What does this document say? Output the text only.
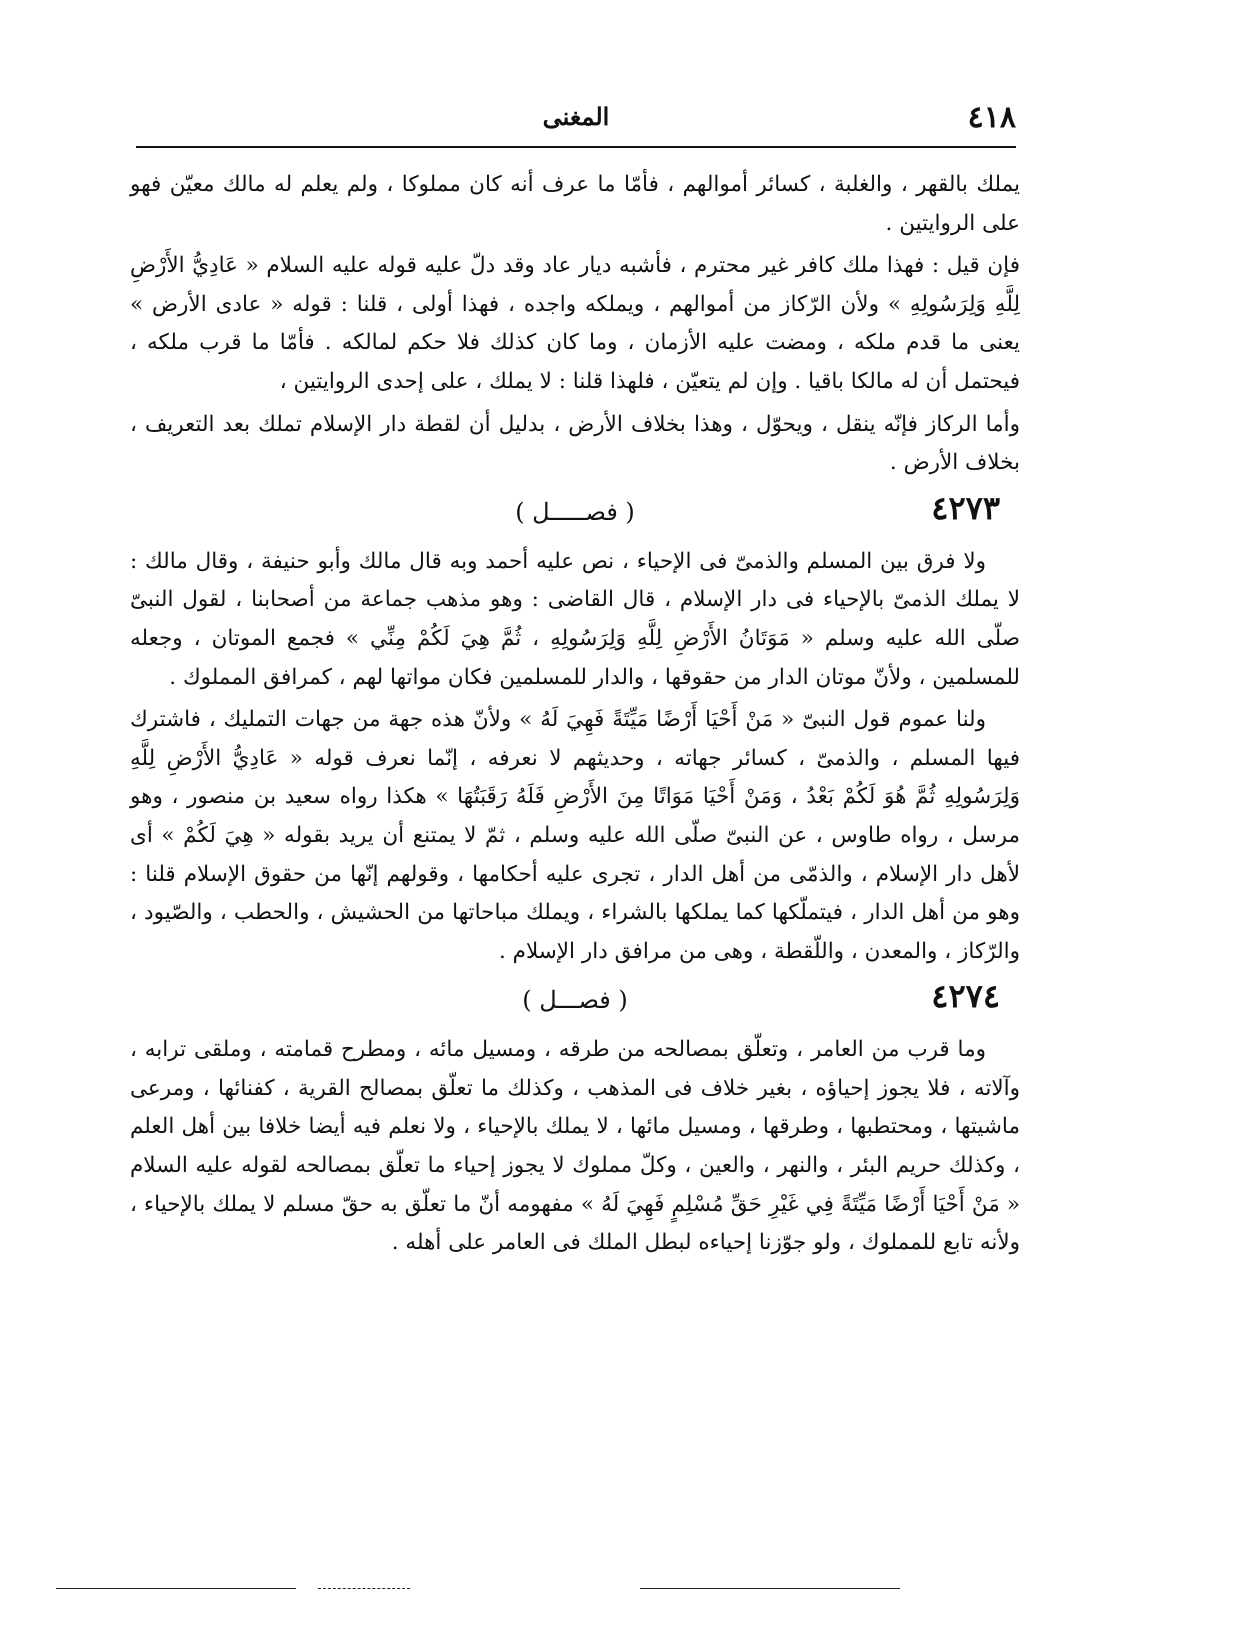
٤١٨
المغنى

يملك بالقهر ، والغلبة ، كسائر أموالهم ، فأمّا ما عرف أنه كان مملوكا ، ولم يعلم له مالك معيّن فهو على الروايتين .

فإن قيل : فهذا ملك كافر غير محترم ، فأشبه ديار عاد وقد دلّ عليه قوله عليه السلام « عَادِيُّ الأَرْضِ لِلَّهِ وَلِرَسُولِهِ » ولأن الرّكاز من أموالهم ، ويملكه واجده ، فهذا أولى ، قلنا : قوله « عادى الأرض » يعنى ما قدم ملكه ، ومضت عليه الأزمان ، وما كان كذلك فلا حكم لمالكه . فأمّا ما قرب ملكه ، فيحتمل أن له مالكا باقيا . وإن لم يتعيّن ، فلهذا قلنا : لا يملك ، على إحدى الروايتين ،

وأما الركاز فإنّه ينقل ، ويحوّل ، وهذا بخلاف الأرض ، بدليل أن لقطة دار الإسلام تملك بعد التعريف ، بخلاف الأرض .

٤٢٧٣
( فصـــــل )

ولا فرق بين المسلم والذمىّ فى الإحياء ، نص عليه أحمد وبه قال مالك وأبو حنيفة ، وقال مالك : لا يملك الذمىّ بالإحياء فى دار الإسلام ، قال القاضى : وهو مذهب جماعة من أصحابنا ، لقول النبىّ صلّى الله عليه وسلم « مَوَتَانُ الأَرْضِ لِلَّهِ وَلِرَسُولِهِ ، ثُمَّ هِيَ لَكُمْ مِنِّي » فجمع الموتان ، وجعله للمسلمين ، ولأنّ موتان الدار من حقوقها ، والدار للمسلمين فكان مواتها لهم ، كمرافق المملوك .

ولنا عموم قول النبىّ « مَنْ أَحْيَا أَرْضًا مَيِّتَةً فَهِيَ لَهُ » ولأنّ هذه جهة من جهات التمليك ، فاشترك فيها المسلم ، والذمىّ ، كسائر جهاته ، وحديثهم لا نعرفه ، إنّما نعرف قوله « عَادِيُّ الأَرْضِ لِلَّهِ وَلِرَسُولِهِ ثُمَّ هُوَ لَكُمْ بَعْدُ ، وَمَنْ أَحْيَا مَوَاتًا مِنَ الأَرْضِ فَلَهُ رَقَبَتُهَا » هكذا رواه سعيد بن منصور ، وهو مرسل ، رواه طاوس ، عن النبىّ صلّى الله عليه وسلم ، ثمّ لا يمتنع أن يريد بقوله « هِيَ لَكُمْ » أى لأهل دار الإسلام ، والذمّى من أهل الدار ، تجرى عليه أحكامها ، وقولهم إنّها من حقوق الإسلام قلنا : وهو من أهل الدار ، فيتملّكها كما يملكها بالشراء ، ويملك مباحاتها من الحشيش ، والحطب ، والصّيود ، والرّكاز ، والمعدن ، واللّقطة ، وهى من مرافق دار الإسلام .

٤٢٧٤
( فصـــل )

وما قرب من العامر ، وتعلّق بمصالحه من طرقه ، ومسيل مائه ، ومطرح قمامته ، وملقى ترابه ، وآلاته ، فلا يجوز إحياؤه ، بغير خلاف فى المذهب ، وكذلك ما تعلّق بمصالح القرية ، كفنائها ، ومرعى ماشيتها ، ومحتطبها ، وطرقها ، ومسيل مائها ، لا يملك بالإحياء ، ولا نعلم فيه أيضا خلافا بين أهل العلم ، وكذلك حريم البئر ، والنهر ، والعين ، وكلّ مملوك لا يجوز إحياء ما تعلّق بمصالحه لقوله عليه السلام « مَنْ أَحْيَا أَرْضًا مَيِّتَةً فِي غَيْرِ حَقِّ مُسْلِمٍ فَهِيَ لَهُ » مفهومه أنّ ما تعلّق به حقّ مسلم لا يملك بالإحياء ، ولأنه تابع للمملوك ، ولو جوّزنا إحياءه لبطل الملك فى العامر على أهله .
